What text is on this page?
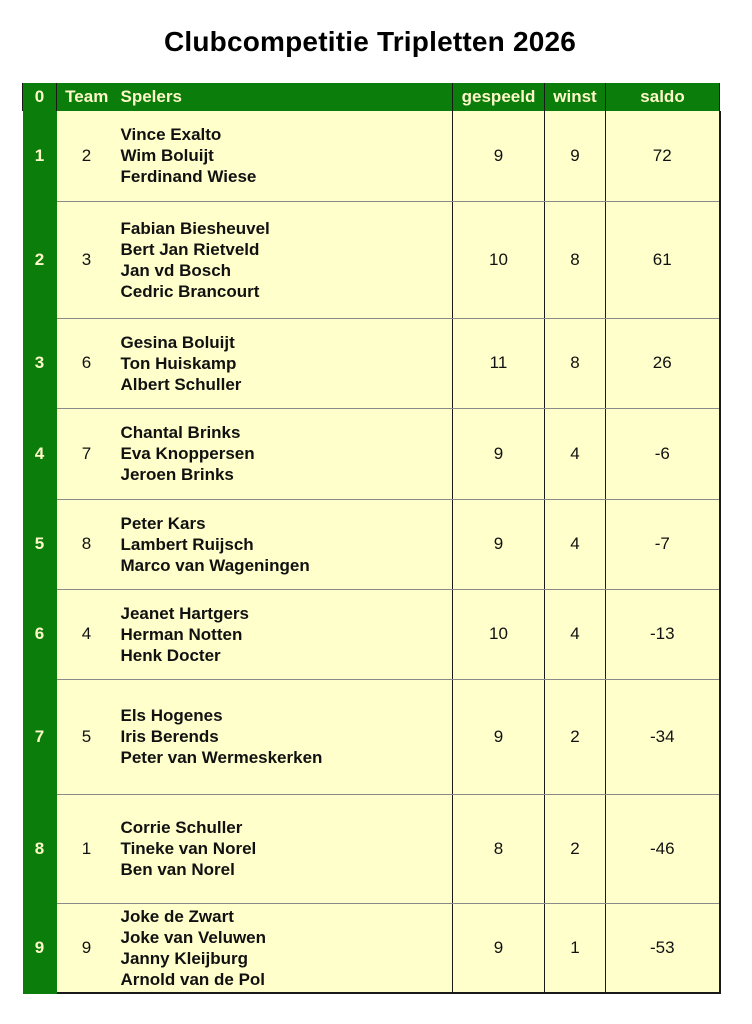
Clubcompetitie Tripletten 2026
0	Team	Spelers	gespeeld	winst	saldo
1	2	Vince Exalto
Wim Boluijt
Ferdinand Wiese	9	9	72
2	3	Fabian Biesheuvel
Bert Jan Rietveld
Jan vd Bosch
Cedric Brancourt	10	8	61
3	6	Gesina Boluijt
Ton Huiskamp
Albert Schuller	11	8	26
4	7	Chantal Brinks
Eva Knoppersen
Jeroen Brinks	9	4	-6
5	8	Peter Kars
Lambert Ruijsch
Marco van Wageningen	9	4	-7
6	4	Jeanet Hartgers
Herman Notten
Henk Docter	10	4	-13
7	5	Els Hogenes
Iris Berends
Peter van Wermeskerken	9	2	-34
8	1	Corrie Schuller
Tineke van Norel
Ben van Norel	8	2	-46
9	9	Joke de Zwart
Joke van Veluwen
Janny Kleijburg
Arnold van de Pol	9	1	-53
